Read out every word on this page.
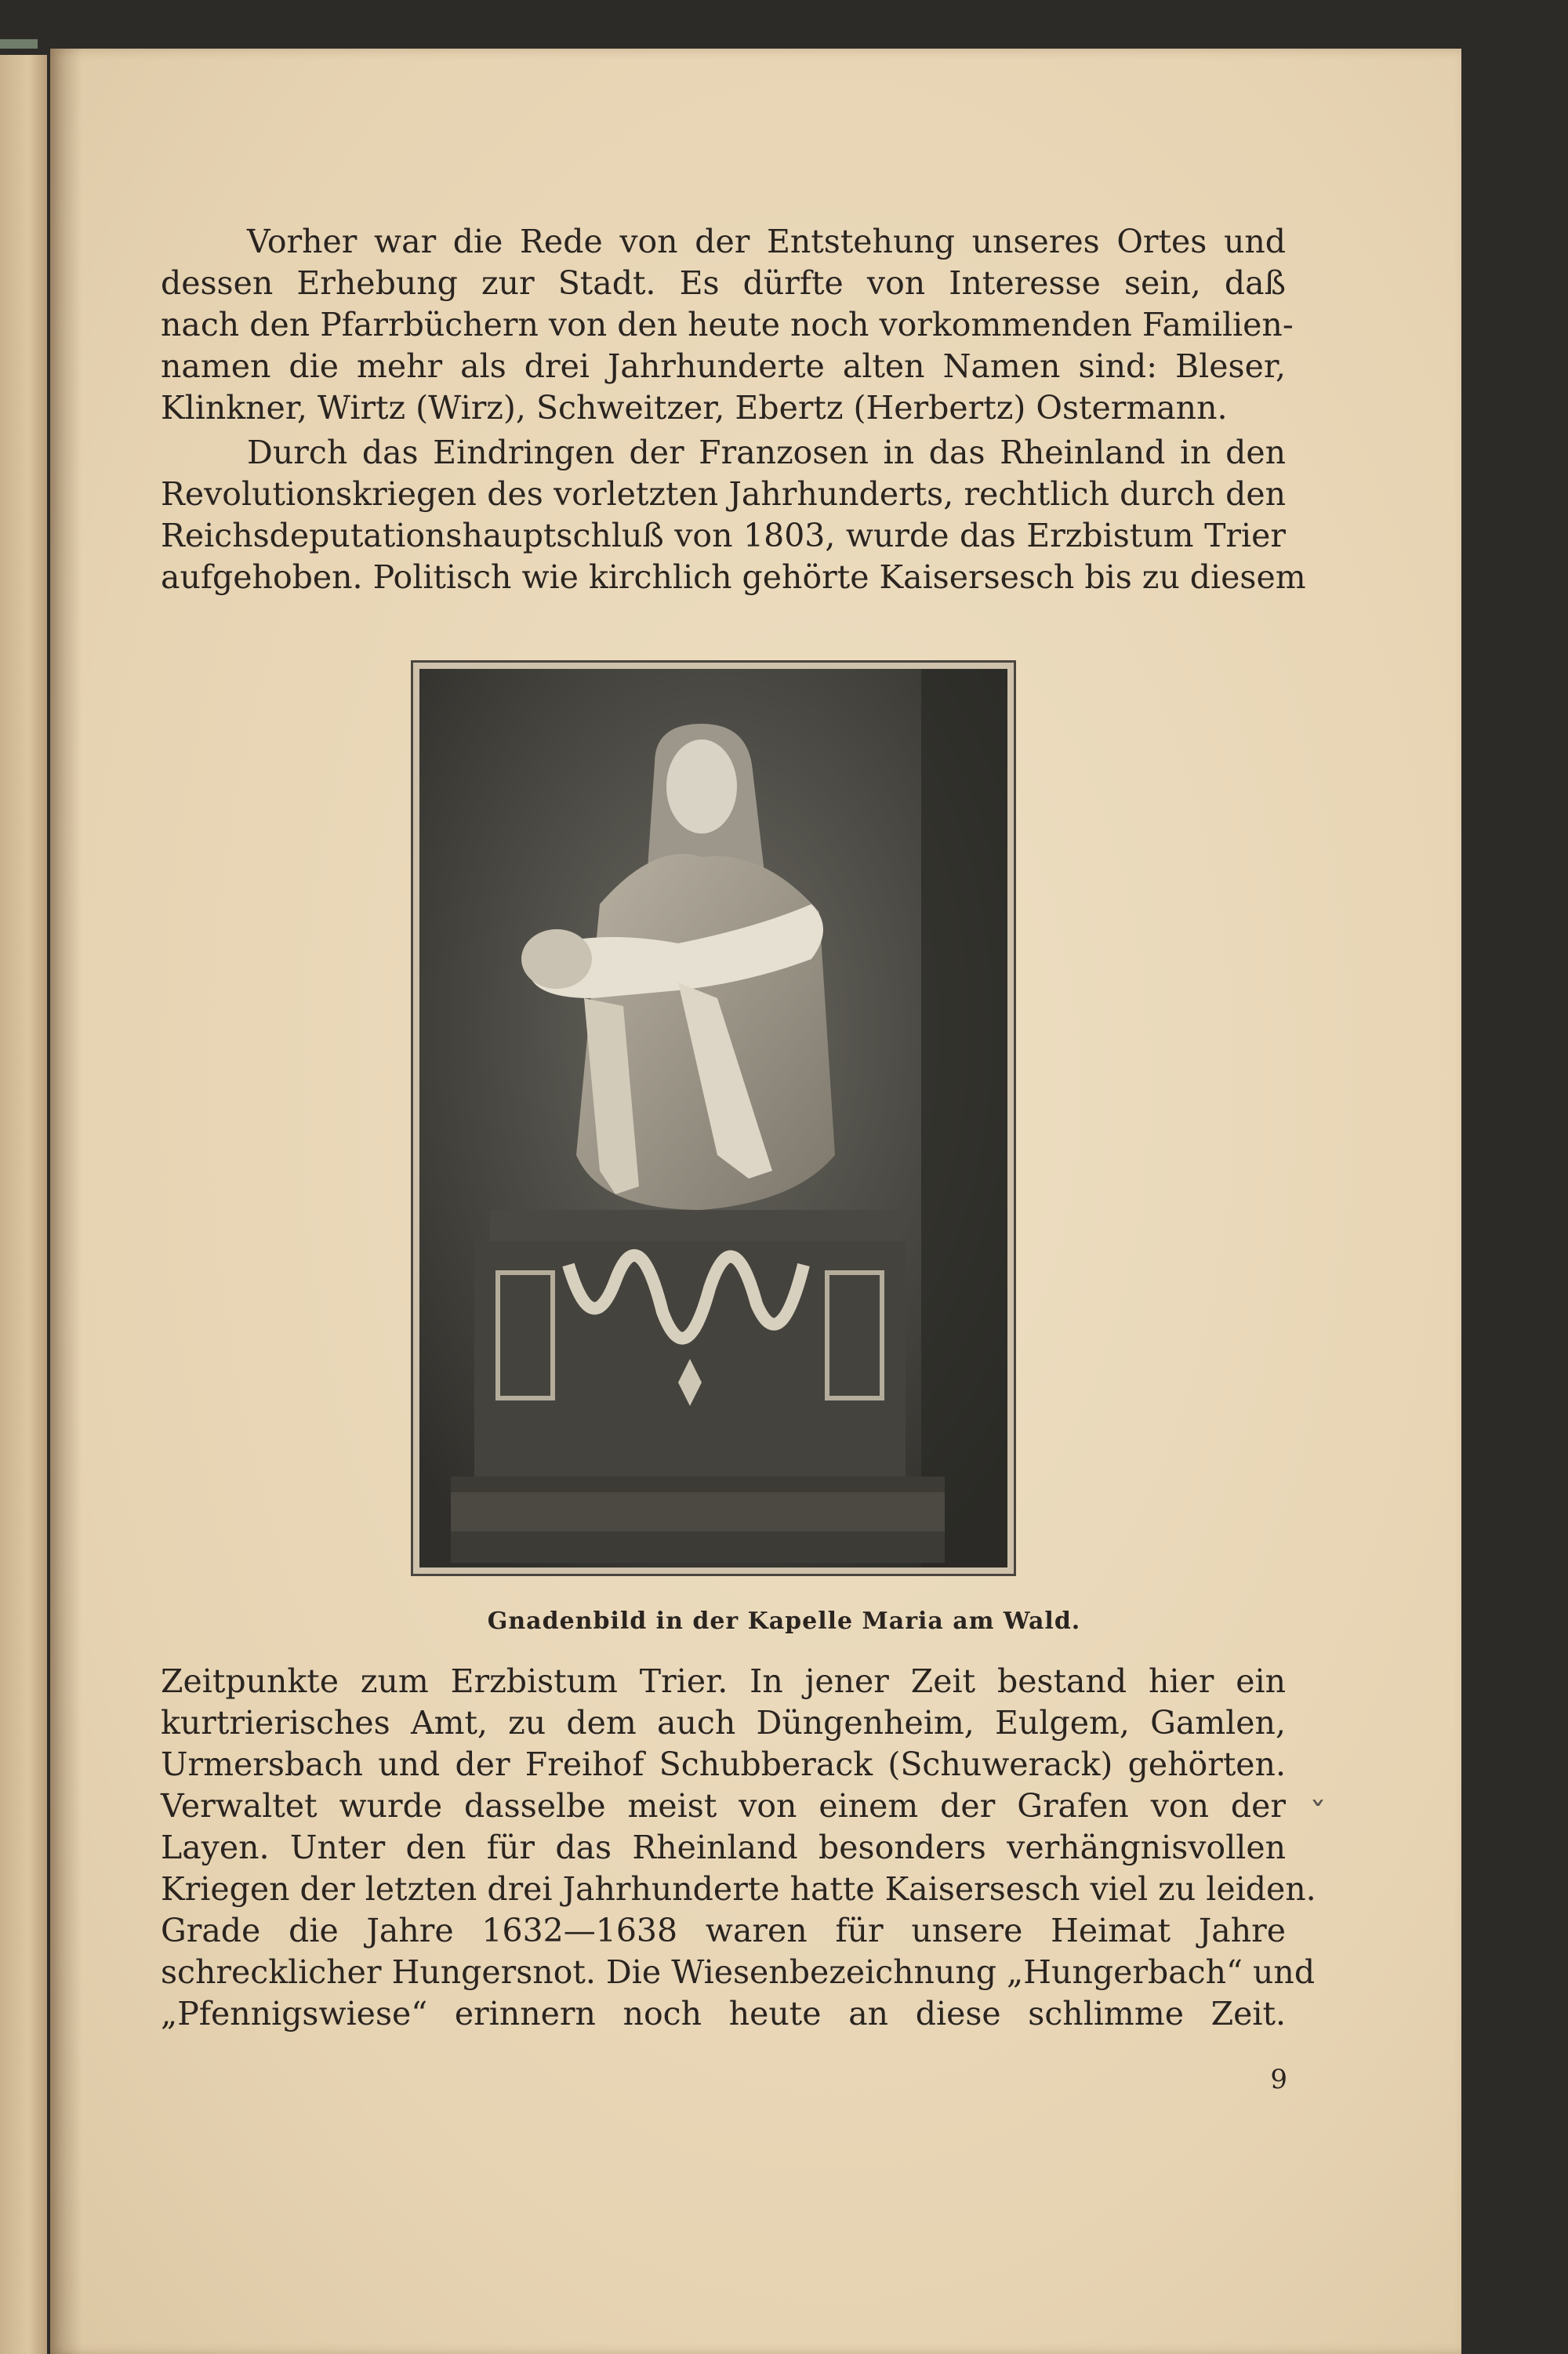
Vorher war die Rede von der Entstehung unseres Ortes und
dessen Erhebung zur Stadt. Es dürfte von Interesse sein, daß
nach den Pfarrbüchern von den heute noch vorkommenden Familien-
namen die mehr als drei Jahrhunderte alten Namen sind: Bleser,
Klinkner, Wirtz (Wirz), Schweitzer, Ebertz (Herbertz) Ostermann.
Durch das Eindringen der Franzosen in das Rheinland in den
Revolutionskriegen des vorletzten Jahrhunderts, rechtlich durch den
Reichsdeputationshauptschluß von 1803, wurde das Erzbistum Trier
aufgehoben. Politisch wie kirchlich gehörte Kaisersesch bis zu diesem
Gnadenbild in der Kapelle Maria am Wald.
Zeitpunkte zum Erzbistum Trier. In jener Zeit bestand hier ein
kurtrierisches Amt, zu dem auch Düngenheim, Eulgem, Gamlen,
Urmersbach und der Freihof Schubberack (Schuwerack) gehörten.
Verwaltet wurde dasselbe meist von einem der Grafen von der
Layen. Unter den für das Rheinland besonders verhängnisvollen
Kriegen der letzten drei Jahrhunderte hatte Kaisersesch viel zu leiden.
Grade die Jahre 1632—1638 waren für unsere Heimat Jahre
schrecklicher Hungersnot. Die Wiesenbezeichnung „Hungerbach“ und
„Pfennigswiese“ erinnern noch heute an diese schlimme Zeit.
ˇ
9
